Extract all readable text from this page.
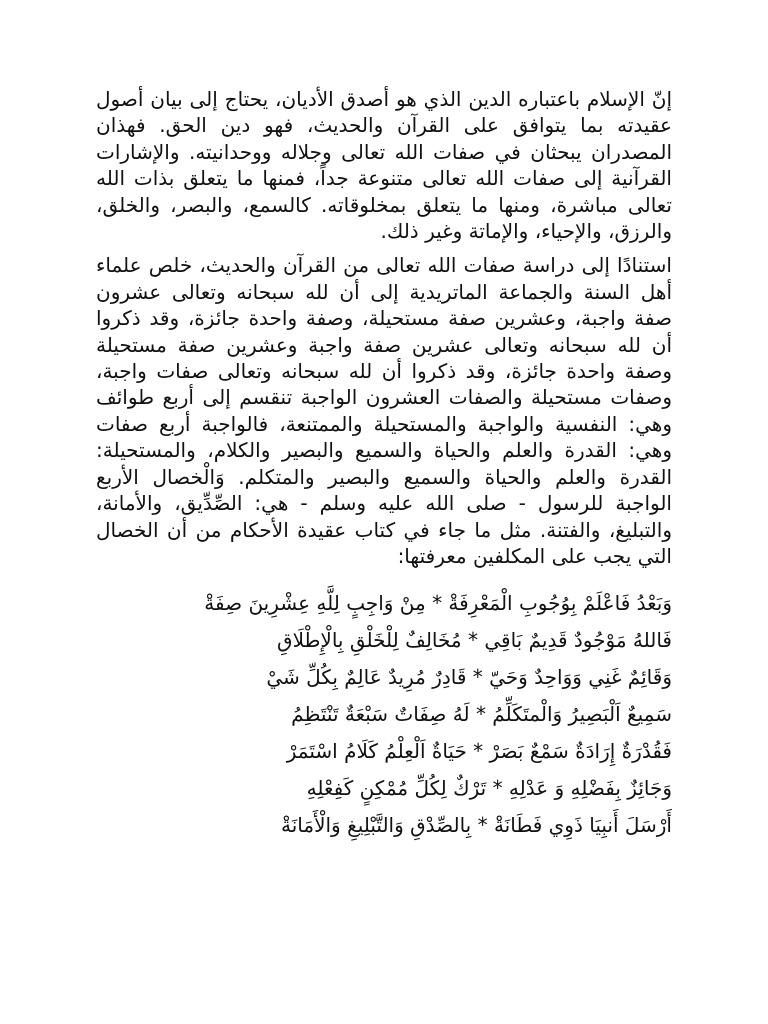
إنّ الإسلام باعتباره الدين الذي هو أصدق الأديان، يحتاج إلى بيان أصول عقيدته بما يتوافق على القرآن والحديث، فهو دين الحق. فهذان المصدران يبحثان في صفات الله تعالى وجلاله ووحدانيته. والإشارات القرآنية إلى صفات الله تعالى متنوعة جداً، فمنها ما يتعلق بذات الله تعالى مباشرة، ومنها ما يتعلق بمخلوقاته. كالسمع، والبصر، والخلق، والرزق، والإحياء، والإماتة وغير ذلك.

استنادًا إلى دراسة صفات الله تعالى من القرآن والحديث، خلص علماء أهل السنة والجماعة الماتريدية إلى أن لله سبحانه وتعالى عشرون صفة واجبة، وعشرين صفة مستحيلة، وصفة واحدة جائزة، وقد ذكروا أن لله سبحانه وتعالى عشرين صفة واجبة وعشرين صفة مستحيلة وصفة واحدة جائزة، وقد ذكروا أن لله سبحانه وتعالى صفات واجبة، وصفات مستحيلة والصفات العشرون الواجبة تنقسم إلى أربع طوائف وهي: النفسية والواجبة والمستحيلة والممتنعة، فالواجبة أربع صفات وهي: القدرة والعلم والحياة والسميع والبصير والكلام، والمستحيلة: القدرة والعلم والحياة والسميع والبصير والمتكلم. وَالْخصال الأربع الواجبة للرسول - صلى الله عليه وسلم - هي: الصِّدِّيق، والأمانة، والتبليغ، والفتنة. مثل ما جاء في كتاب عقيدة الأحكام من أن الخصال التي يجب على المكلفين معرفتها:

وَبَعْدُ فَاعْلَمْ بِوُجُوبِ الْمَعْرِفَةْ * مِنْ وَاجِبٍ لِلَّهِ عِشْرِينَ صِفَةْ
فَاللهُ مَوْجُودٌ قَدِيمٌ بَاقِي * مُخَالِفٌ لِلْخَلْقِ بِالْإِطْلَاقِ
وَقَائِمٌ غَنِي وَوَاحِدٌ وَحَيّ * قَادِرٌ مُرِيدٌ عَالِمٌ بِكُلِّ شَيْ
سَمِيعٌ اَلْبَصِيرُ وَالْمتَكَلِّمُ * لَهُ صِفَاتٌ سَبْعَةٌ تَنْتَظِمُ
فَقُدْرَةٌ إِرَادَةٌ سَمْعٌ بَصَرْ * حَيَاةٌ اَلْعِلْمُ كَلَامُ اسْتَمَرْ
وَجَائِزٌ بِفَضْلِهِ وَ عَدْلِهِ * تَرْكٌ لِكُلِّ مُمْكِنٍ كَفِعْلِهِ
أَرْسَلَ أَنبِيَا ذَوِي فَطَانَةْ * بِالصِّدْقِ وَالتَّبْلِيغِ وَالْأَمَانَةْ
